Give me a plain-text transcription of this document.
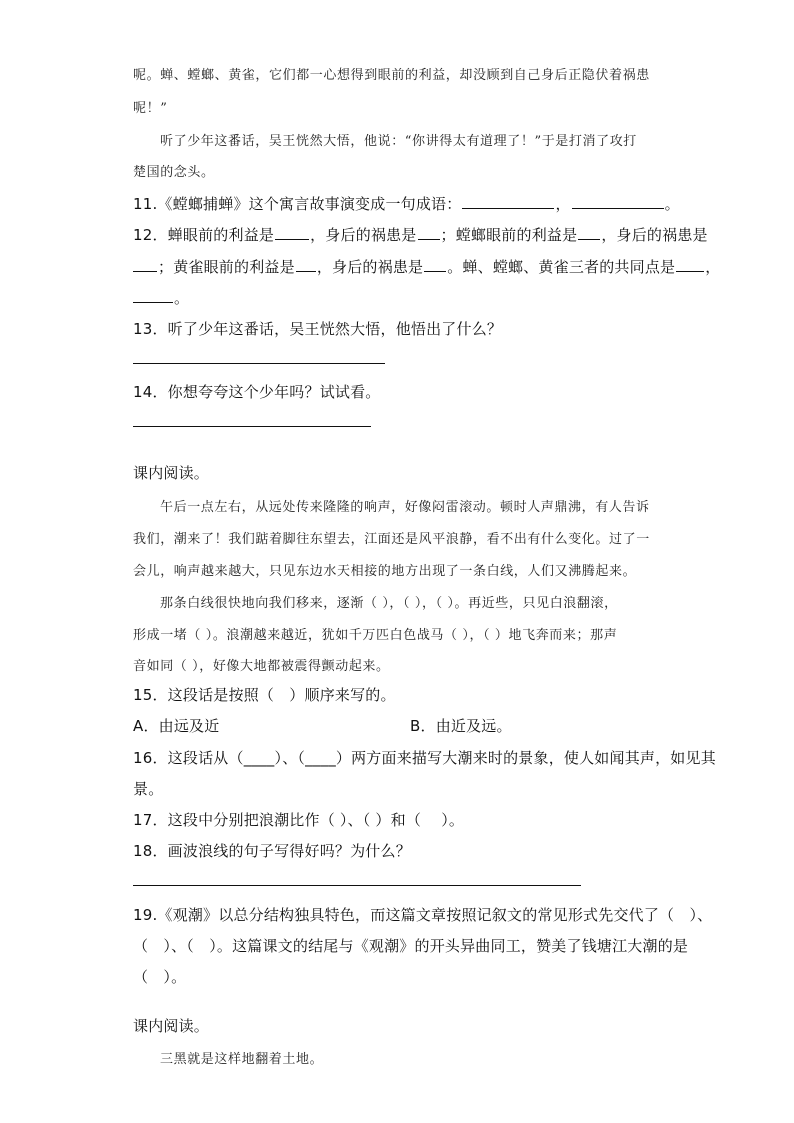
呢。蝉、螳螂、黄雀，它们都一心想得到眼前的利益，却没顾到自己身后正隐伏着祸患
呢！”
听了少年这番话，吴王恍然大悟，他说：“你讲得太有道理了！”于是打消了攻打
楚国的念头。
11.《螳螂捕蝉》这个寓言故事演变成一句成语：	，	。
12．蝉眼前的利益是 ，身后的祸患是 ；螳螂眼前的利益是 ，身后的祸患是
；黄雀眼前的利益是 ，身后的祸患是 。蝉、螳螂、黄雀三者的共同点是 ，
。
13．听了少年这番话，吴王恍然大悟，他悟出了什么？
14．你想夸夸这个少年吗？试试看。
课内阅读。
午后一点左右，从远处传来隆隆的响声，好像闷雷滚动。顿时人声鼎沸，有人告诉
我们，潮来了！我们踮着脚往东望去，江面还是风平浪静，看不出有什么变化。过了一
会儿，响声越来越大，只见东边水天相接的地方出现了一条白线，人们又沸腾起来。
那条白线很快地向我们移来，逐渐（ ），（ ），（ ）。再近些，只见白浪翻滚，
形成一堵（ ）。浪潮越来越近，犹如千万匹白色战马（ ），（ ）地飞奔而来；那声
音如同（ ），好像大地都被震得颤动起来。
15．这段话是按照（　）顺序来写的。
A．由远及近	B．由近及远。
16．这段话从（____）、（____）两方面来描写大潮来时的景象，使人如闻其声，如见其
景。
17．这段中分别把浪潮比作（ ）、（ ）和（　 ）。
18．画波浪线的句子写得好吗？为什么？
19.《观潮》以总分结构独具特色，而这篇文章按照记叙文的常见形式先交代了（　）、
（　）、（　）。这篇课文的结尾与《观潮》的开头异曲同工，赞美了钱塘江大潮的是
（　）。
课内阅读。
三黑就是这样地翻着土地。
